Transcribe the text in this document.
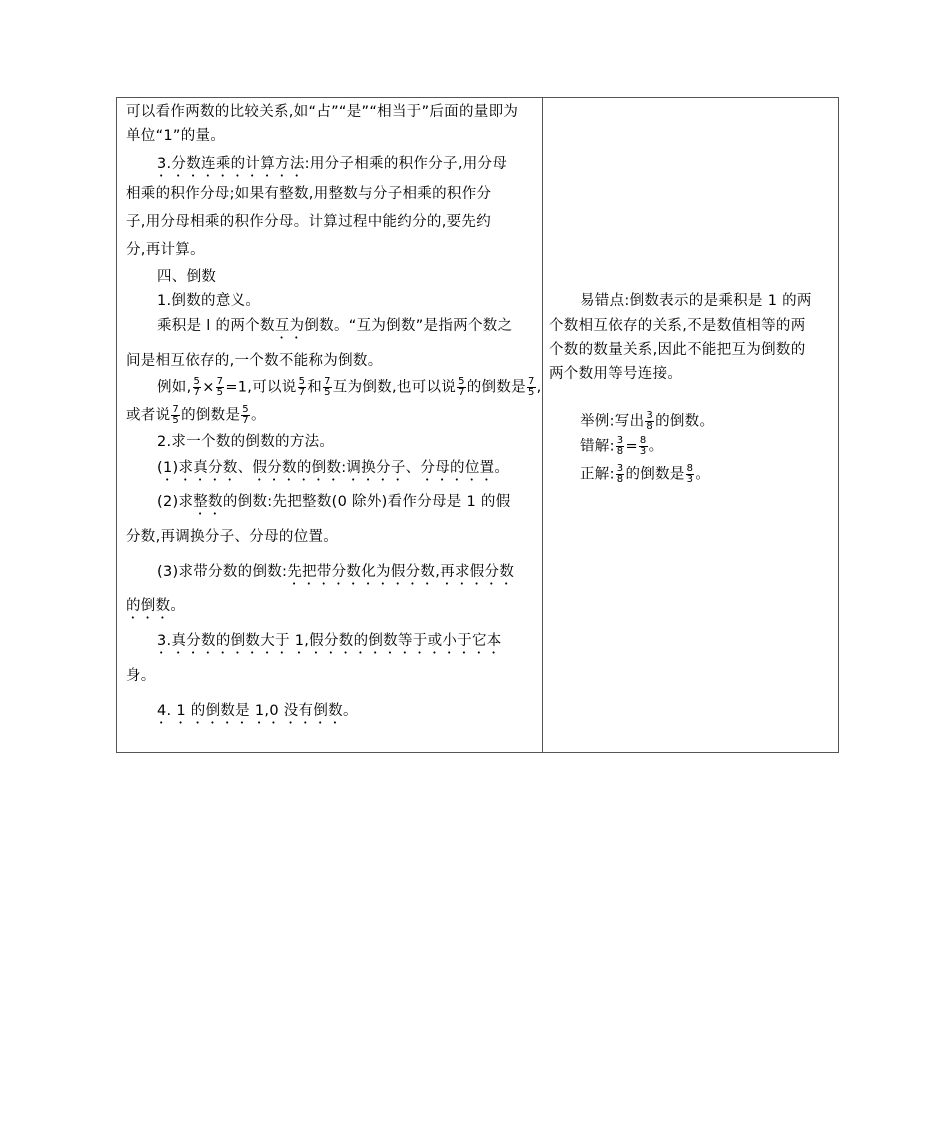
可以看作两数的比较关系,如“占”“是”“相当于”后面的量即为
单位“1”的量。
3.分数连乘的计算方法:用分子相乘的积作分子,用分母
相乘的积作分母;如果有整数,用整数与分子相乘的积作分
子,用分母相乘的积作分母。计算过程中能约分的,要先约
分,再计算。
四、倒数
1.倒数的意义。
乘积是 l 的两个数互为倒数。“互为倒数”是指两个数之
间是相互依存的,一个数不能称为倒数。
例如, $\frac{5}{7} \times \frac{7}{5} =1$,可以说 $\frac{5}{7}$ 和 $\frac{7}{5}$ 互为倒数,也可以说 $\frac{5}{7}$ 的倒数是 $\frac{7}{5}$ ,
或者说 $\frac{7}{5}$ 的倒数是 $\frac{5}{7}$ 。
2.求一个数的倒数的方法。
(1)求真分数、假分数的倒数:调换分子、分母的位置。
(2)求整数的倒数:先把整数(0 除外)看作分母是 1 的假
分数,再调换分子、分母的位置。
(3)求带分数的倒数:先把带分数化为假分数,再求假分数
的倒数。
3.真分数的倒数大于 1,假分数的倒数等于或小于它本
身。
4. 1 的倒数是 1,0 没有倒数。
易错点:倒数表示的是乘积是 1 的两
个数相互依存的关系,不是数值相等的两
个数的数量关系,因此不能把互为倒数的
两个数用等号连接。
举例:写出 $\frac{3}{8}$ 的倒数。
错解: $\frac{3}{8} = \frac{8}{3}$ 。
正解: $\frac{3}{8}$ 的倒数是 $\frac{8}{3}$ 。
